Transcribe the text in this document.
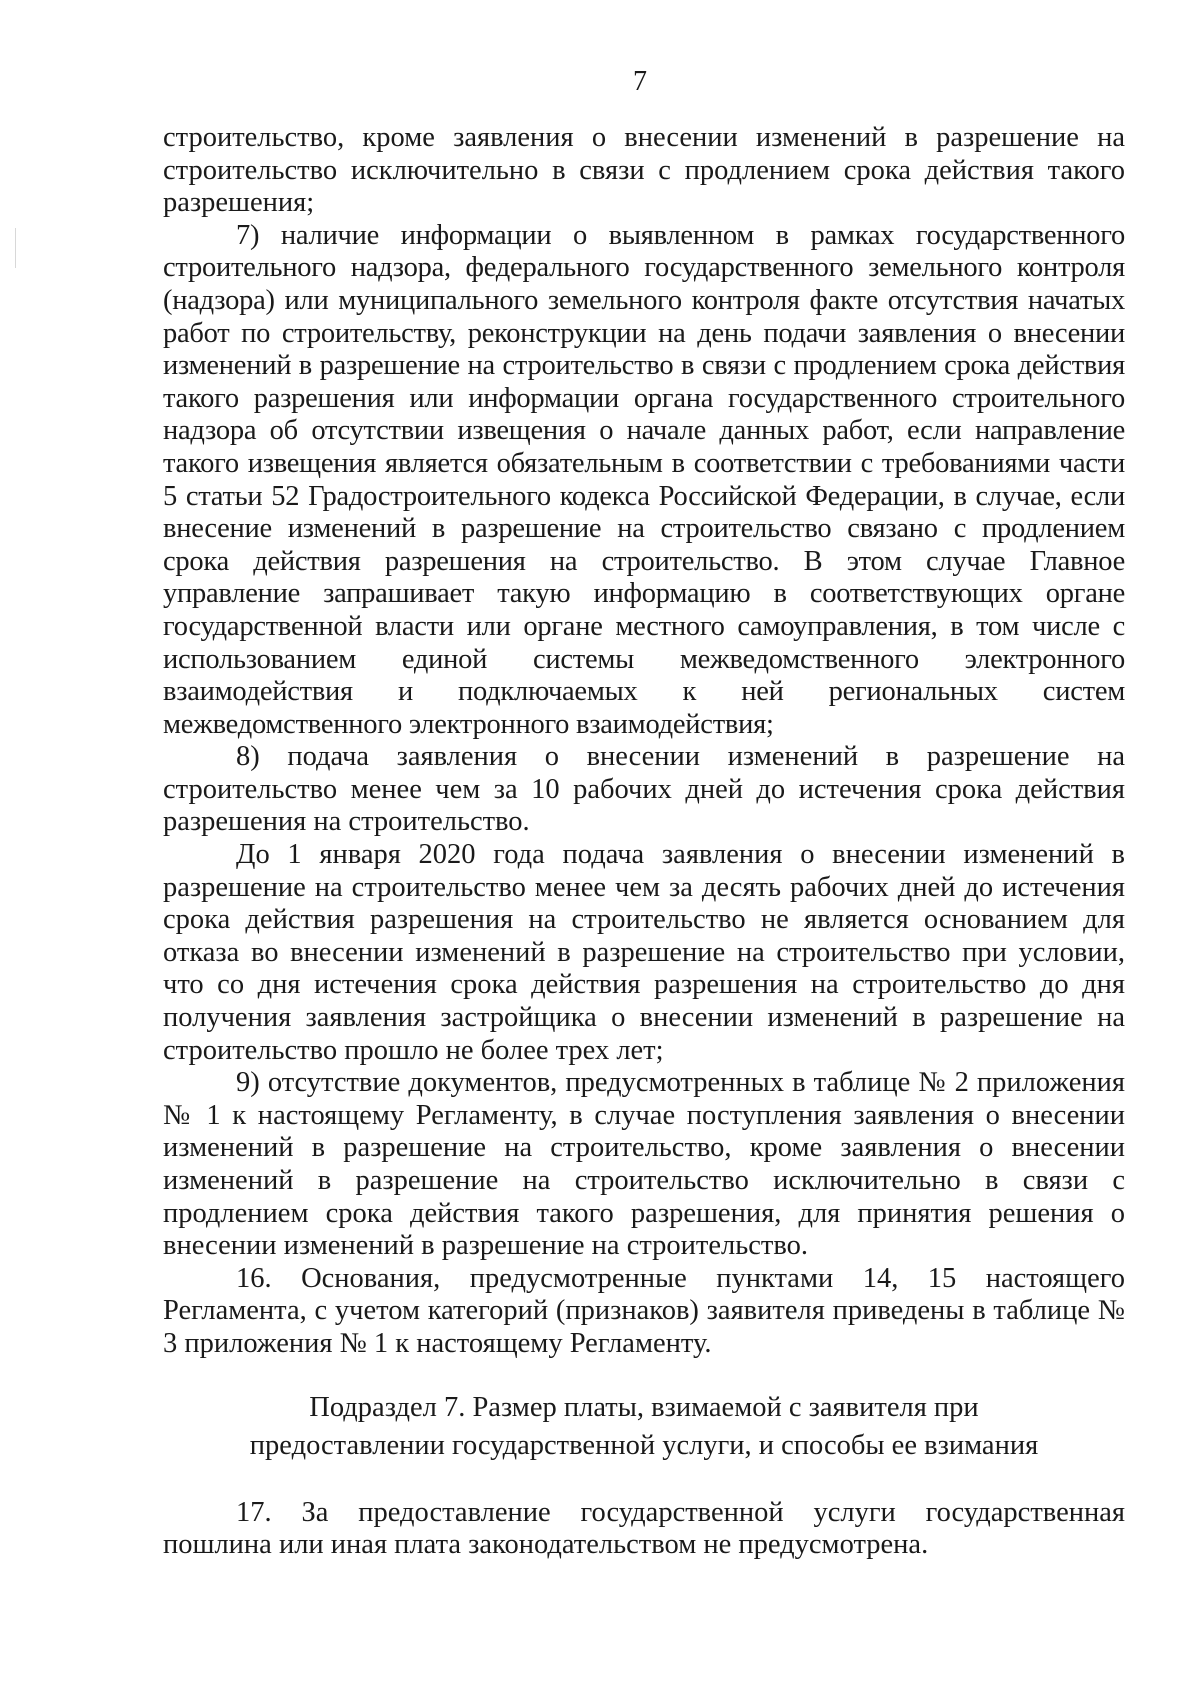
7

строительство, кроме заявления о внесении изменений в разрешение на строительство исключительно в связи с продлением срока действия такого разрешения;

7) наличие информации о выявленном в рамках государственного строительного надзора, федерального государственного земельного контроля (надзора) или муниципального земельного контроля факте отсутствия начатых работ по строительству, реконструкции на день подачи заявления о внесении изменений в разрешение на строительство в связи с продлением срока действия такого разрешения или информации органа государственного строительного надзора об отсутствии извещения о начале данных работ, если направление такого извещения является обязательным в соответствии с требованиями части 5 статьи 52 Градостроительного кодекса Российской Федерации, в случае, если внесение изменений в разрешение на строительство связано с продлением срока действия разрешения на строительство. В этом случае Главное управление запрашивает такую информацию в соответствующих органе государственной власти или органе местного самоуправления, в том числе с использованием единой системы межведомственного электронного взаимодействия и подключаемых к ней региональных систем межведомственного электронного взаимодействия;

8) подача заявления о внесении изменений в разрешение на строительство менее чем за 10 рабочих дней до истечения срока действия разрешения на строительство.

До 1 января 2020 года подача заявления о внесении изменений в разрешение на строительство менее чем за десять рабочих дней до истечения срока действия разрешения на строительство не является основанием для отказа во внесении изменений в разрешение на строительство при условии, что со дня истечения срока действия разрешения на строительство до дня получения заявления застройщика о внесении изменений в разрешение на строительство прошло не более трех лет;

9) отсутствие документов, предусмотренных в таблице № 2 приложения № 1 к настоящему Регламенту, в случае поступления заявления о внесении изменений в разрешение на строительство, кроме заявления о внесении изменений в разрешение на строительство исключительно в связи с продлением срока действия такого разрешения, для принятия решения о внесении изменений в разрешение на строительство.

16. Основания, предусмотренные пунктами 14, 15 настоящего Регламента, с учетом категорий (признаков) заявителя приведены в таблице № 3 приложения № 1 к настоящему Регламенту.

Подраздел 7. Размер платы, взимаемой с заявителя при
предоставлении государственной услуги, и способы ее взимания

17. За предоставление государственной услуги государственная пошлина или иная плата законодательством не предусмотрена.
